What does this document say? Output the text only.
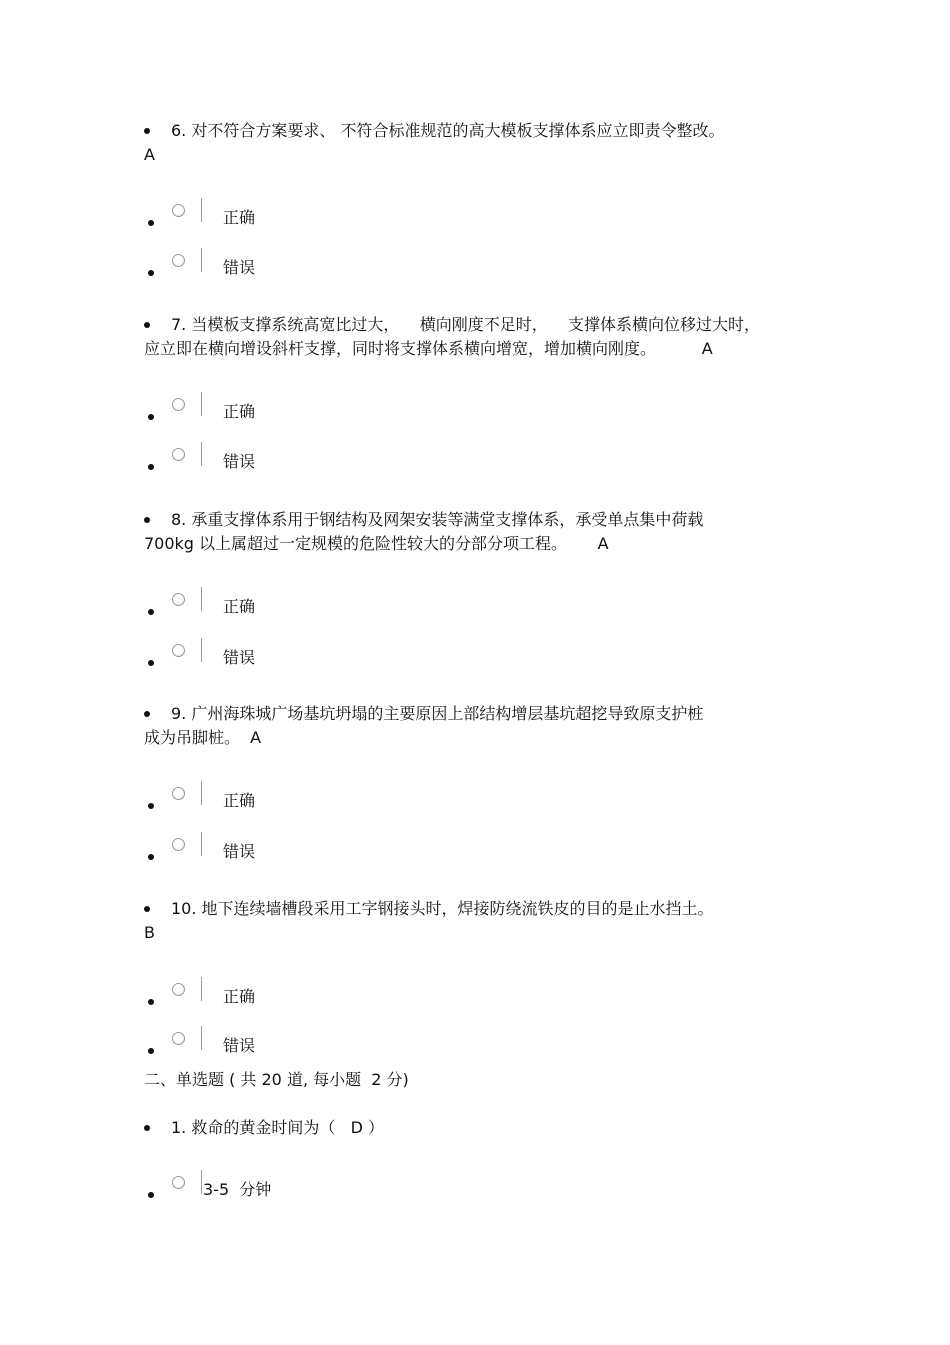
6. 对不符合方案要求、 不符合标准规范的高大模板支撑体系应立即责令整改。
A
正确
错误
7. 当模板支撑系统高宽比过大，    横向刚度不足时，    支撑体系横向位移过大时，
应立即在横向增设斜杆支撑，同时将支撑体系横向增宽，增加横向刚度。         A
正确
错误
8. 承重支撑体系用于钢结构及网架安装等满堂支撑体系，承受单点集中荷载
700kg 以上属超过一定规模的危险性较大的分部分项工程。      A
正确
错误
9. 广州海珠城广场基坑坍塌的主要原因上部结构增层基坑超挖导致原支护桩
成为吊脚桩。  A
正确
错误
10. 地下连续墙槽段采用工字钢接头时，焊接防绕流铁皮的目的是止水挡土。
B
正确
错误
二、单选题 ( 共 20 道, 每小题  2 分)
1. 救命的黄金时间为（   D ）
3-5  分钟
